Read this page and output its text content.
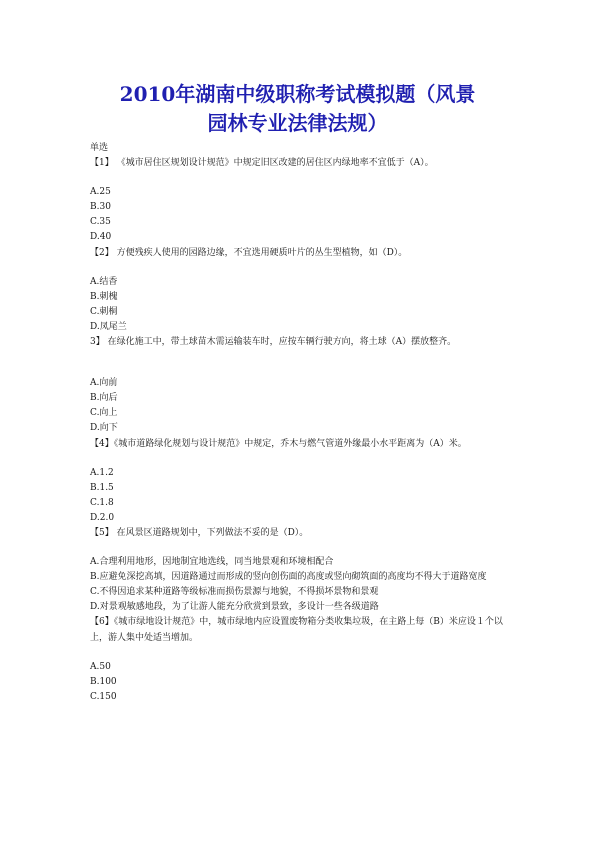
2010年湖南中级职称考试模拟题（风景
园林专业法律法规）
单选
【1】 《城市居住区规划设计规范》中规定旧区改建的居住区内绿地率不宜低于（A）。
A.25
B.30
C.35
D.40
【2】 方便残疾人使用的园路边缘，不宜选用硬质叶片的丛生型植物，如（D）。
A.结香
B.刺槐
C.刺桐
D.凤尾兰
3】 在绿化施工中，带土球苗木需运输装车时，应按车辆行驶方向，将土球（A）摆放整齐。
A.向前
B.向后
C.向上
D.向下
【4】《城市道路绿化规划与设计规范》中规定，乔木与燃气管道外缘最小水平距离为（A）米。
A.1.2
B.1.5
C.1.8
D.2.0
【5】 在风景区道路规划中，下列做法不妥的是（D）。
A.合理利用地形，因地制宜地选线，同当地景观和环境相配合
B.应避免深挖高填，因道路通过而形成的竖向创伤面的高度或竖向砌筑面的高度均不得大于道路宽度
C.不得因追求某种道路等级标准而损伤景源与地貌，不得损坏景物和景观
D.对景观敏感地段，为了让游人能充分欣赏到景致，多设计一些各级道路
【6】《城市绿地设计规范》中，城市绿地内应设置废物箱分类收集垃圾，在主路上每（B）米应设１个以上，游人集中处适当增加。
A.50
B.100
C.150
